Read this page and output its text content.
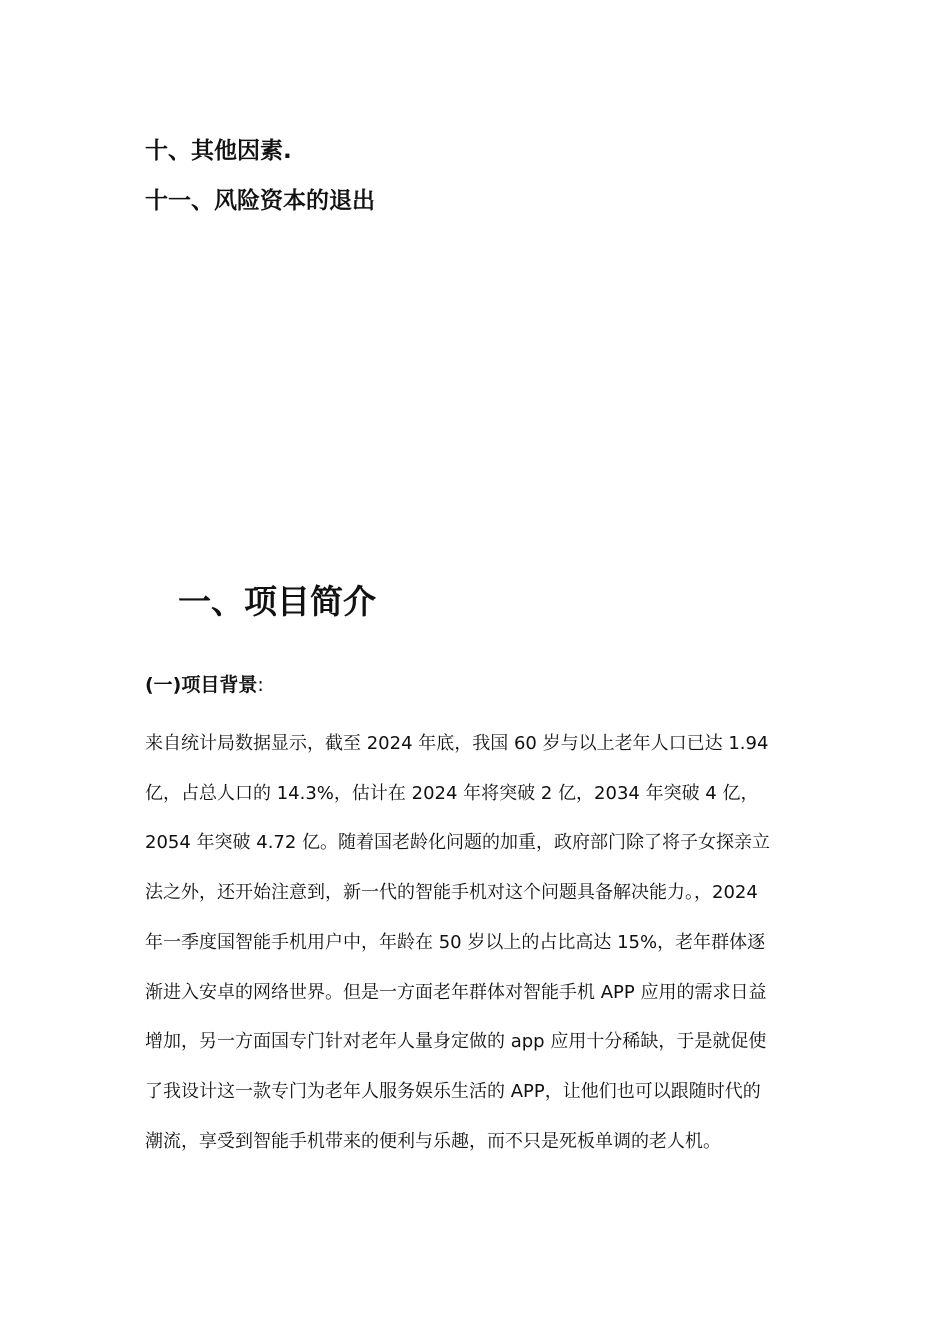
十、其他因素.
十一、风险资本的退出
一、项目简介
(一)项目背景:
来自统计局数据显示，截至 2024 年底，我国 60 岁与以上老年人口已达 1.94
亿，占总人口的 14.3%，估计在 2024 年将突破 2 亿，2034 年突破 4 亿，
2054 年突破 4.72 亿。随着国老龄化问题的加重，政府部门除了将子女探亲立
法之外，还开始注意到，新一代的智能手机对这个问题具备解决能力。，2024
年一季度国智能手机用户中，年龄在 50 岁以上的占比高达 15%，老年群体逐
渐进入安卓的网络世界。但是一方面老年群体对智能手机 APP 应用的需求日益
增加，另一方面国专门针对老年人量身定做的 app 应用十分稀缺，于是就促使
了我设计这一款专门为老年人服务娱乐生活的 APP，让他们也可以跟随时代的
潮流，享受到智能手机带来的便利与乐趣，而不只是死板单调的老人机。
